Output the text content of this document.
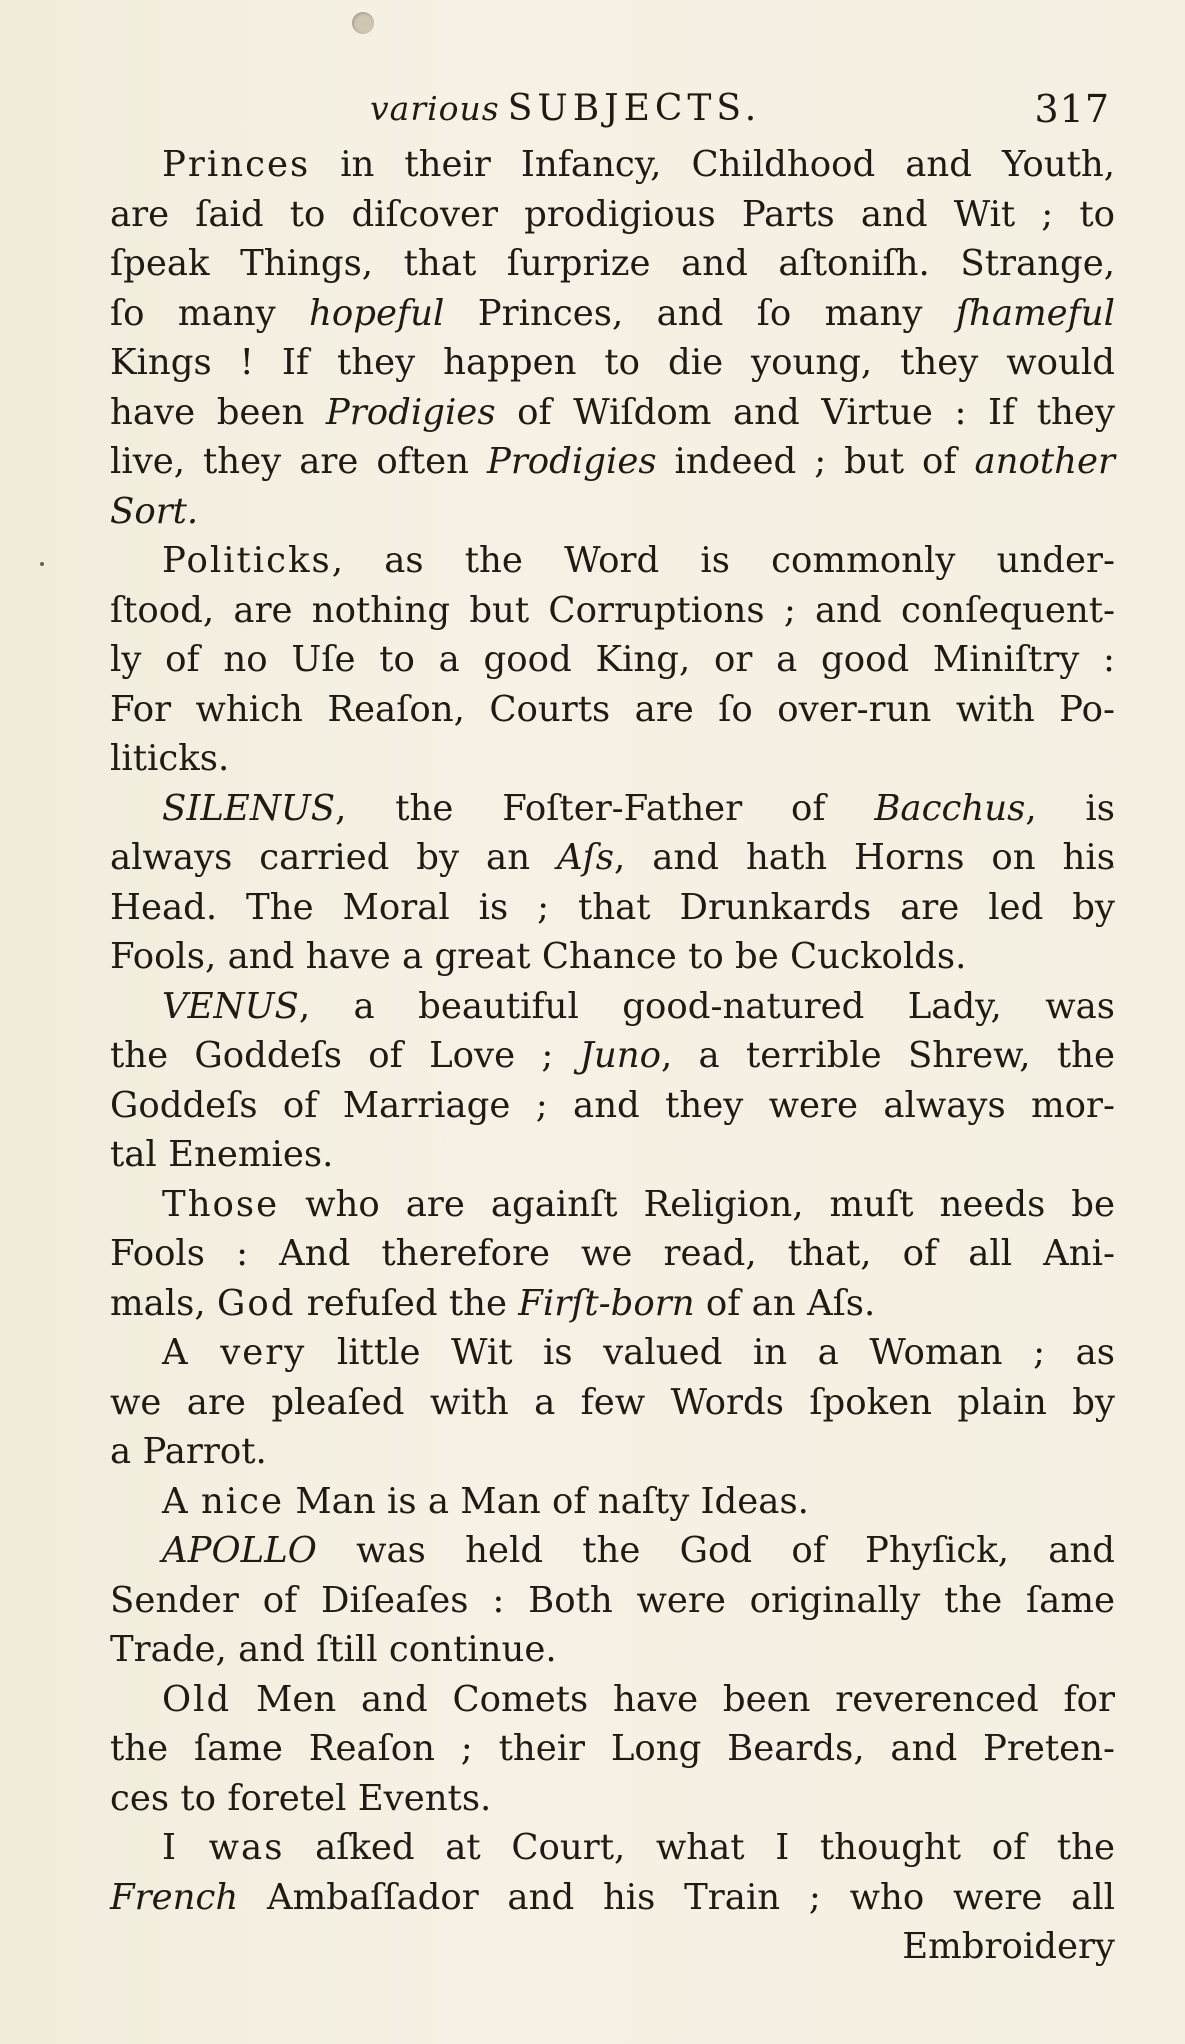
various SUBJECTS.	317
Princes in their Infancy, Childhood and Youth,
are ſaid to diſcover prodigious Parts and Wit ; to
ſpeak Things, that ſurprize and aſtoniſh. Strange,
ſo many hopeful Princes, and ſo many ſhameful
Kings ! If they happen to die young, they would
have been Prodigies of Wiſdom and Virtue : If they
live, they are often Prodigies indeed ; but of another
Sort.
Politicks, as the Word is commonly under-
ſtood, are nothing but Corruptions ; and conſequent-
ly of no Uſe to a good King, or a good Miniſtry :
For which Reaſon, Courts are ſo over-run with Po-
liticks.
SILENUS, the Foſter-Father of Bacchus, is
always carried by an Aſs, and hath Horns on his
Head. The Moral is ; that Drunkards are led by
Fools, and have a great Chance to be Cuckolds.
VENUS, a beautiful good-natured Lady, was
the Goddeſs of Love ; Juno, a terrible Shrew, the
Goddeſs of Marriage ; and they were always mor-
tal Enemies.
Those who are againſt Religion, muſt needs be
Fools : And therefore we read, that, of all Ani-
mals, God refuſed the Firſt-born of an Aſs.
A very little Wit is valued in a Woman ; as
we are pleaſed with a few Words ſpoken plain by
a Parrot.
A nice Man is a Man of naſty Ideas.
APOLLO was held the God of Phyſick, and
Sender of Diſeaſes : Both were originally the ſame
Trade, and ſtill continue.
Old Men and Comets have been reverenced for
the ſame Reaſon ; their Long Beards, and Preten-
ces to foretel Events.
I was aſked at Court, what I thought of the
French Ambaſſador and his Train ; who were all
Embroidery
